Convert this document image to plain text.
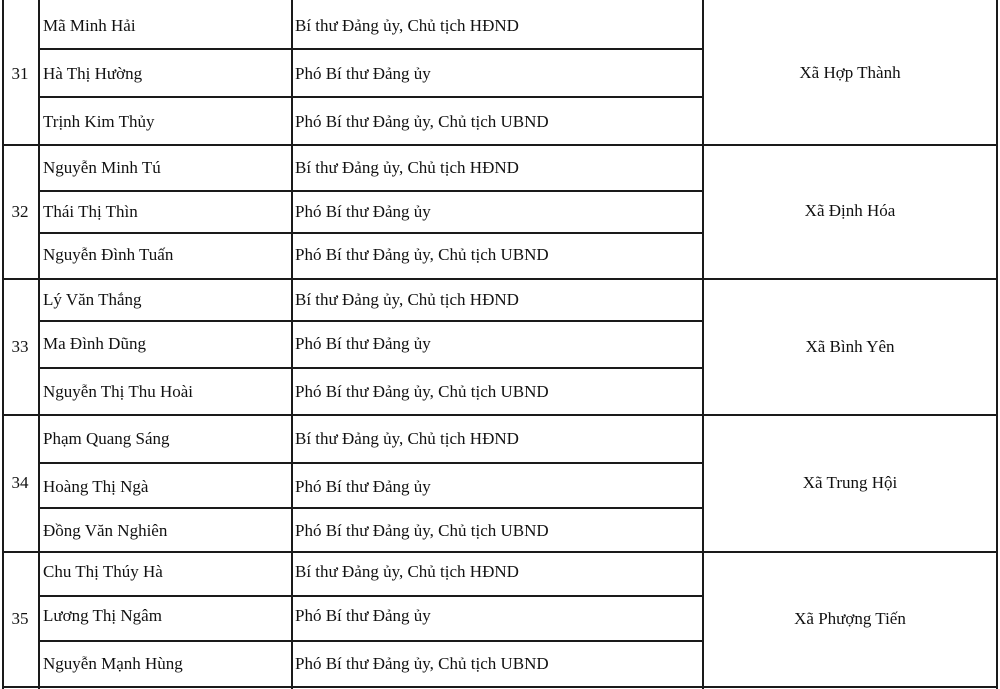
31
Mã Minh Hải	Bí thư Đảng ủy, Chủ tịch HĐND
Hà Thị Hường	Phó Bí thư Đảng ủy
Trịnh Kim Thủy	Phó Bí thư Đảng ủy, Chủ tịch UBND
Xã Hợp Thành
32
Nguyễn Minh Tú	Bí thư Đảng ủy, Chủ tịch HĐND
Thái Thị Thìn	Phó Bí thư Đảng ủy
Nguyễn Đình Tuấn	Phó Bí thư Đảng ủy, Chủ tịch UBND
Xã Định Hóa
33
Lý Văn Thắng	Bí thư Đảng ủy, Chủ tịch HĐND
Ma Đình Dũng	Phó Bí thư Đảng ủy
Nguyễn Thị Thu Hoài	Phó Bí thư Đảng ủy, Chủ tịch UBND
Xã Bình Yên
34
Phạm Quang Sáng	Bí thư Đảng ủy, Chủ tịch HĐND
Hoàng Thị Ngà	Phó Bí thư Đảng ủy
Đồng Văn Nghiên	Phó Bí thư Đảng ủy, Chủ tịch UBND
Xã Trung Hội
35
Chu Thị Thúy Hà	Bí thư Đảng ủy, Chủ tịch HĐND
Lương Thị Ngâm	Phó Bí thư Đảng ủy
Nguyễn Mạnh Hùng	Phó Bí thư Đảng ủy, Chủ tịch UBND
Xã Phượng Tiến
